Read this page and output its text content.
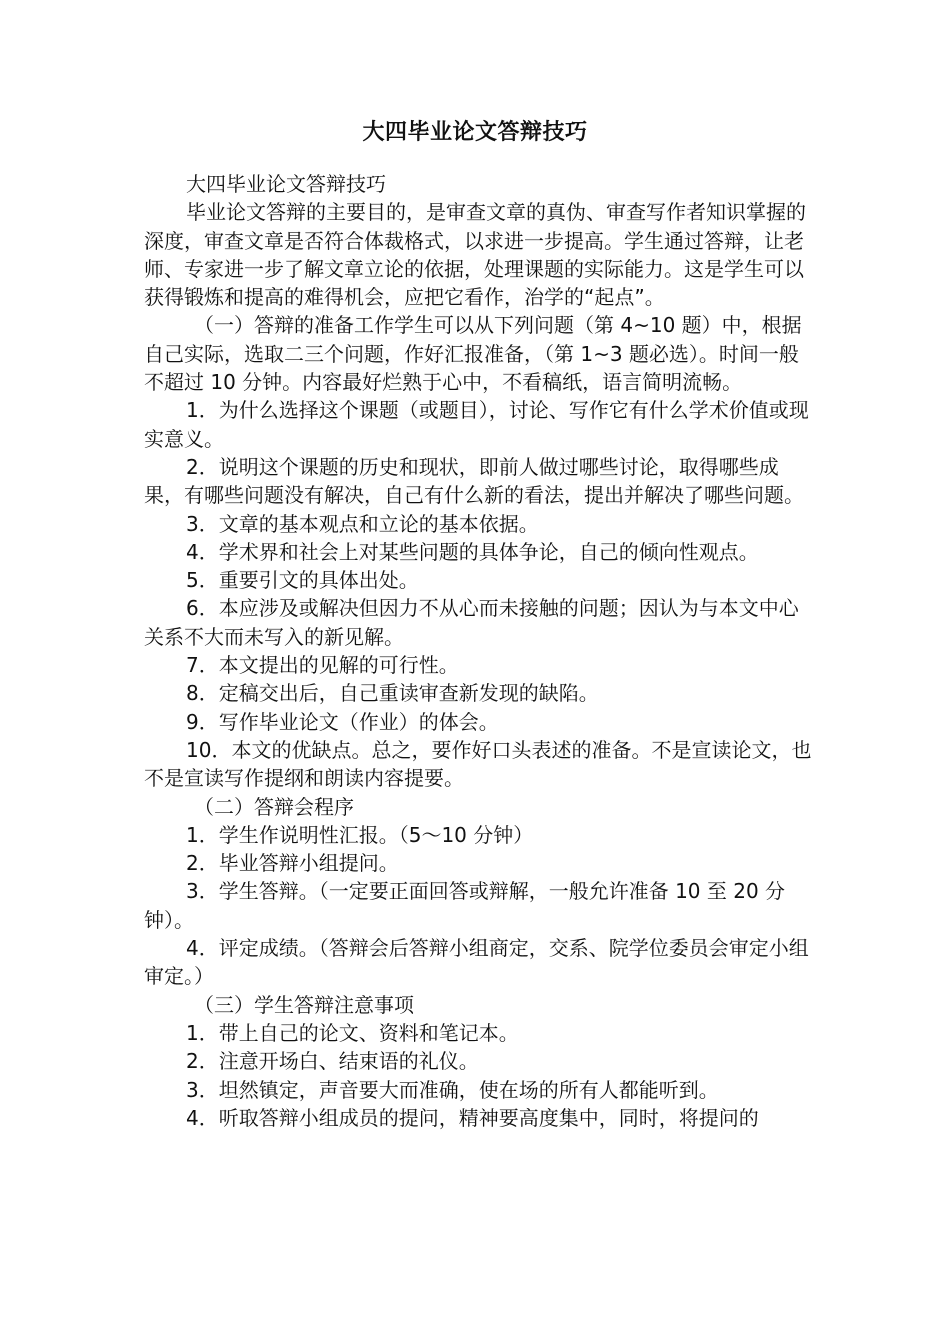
大四毕业论文答辩技巧

大四毕业论文答辩技巧

毕业论文答辩的主要目的，是审查文章的真伪、审查写作者知识掌握的深度，审查文章是否符合体裁格式，以求进一步提高。学生通过答辩，让老师、专家进一步了解文章立论的依据，处理课题的实际能力。这是学生可以获得锻炼和提高的难得机会，应把它看作，治学的“起点”。

（一）答辩的准备工作学生可以从下列问题（第 4~10 题）中，根据自己实际，选取二三个问题，作好汇报准备，（第 1~3 题必选）。时间一般不超过 10 分钟。内容最好烂熟于心中，不看稿纸，语言简明流畅。

1．为什么选择这个课题（或题目），讨论、写作它有什么学术价值或现实意义。

2．说明这个课题的历史和现状，即前人做过哪些讨论，取得哪些成果，有哪些问题没有解决，自己有什么新的看法，提出并解决了哪些问题。

3．文章的基本观点和立论的基本依据。

4．学术界和社会上对某些问题的具体争论，自己的倾向性观点。

5．重要引文的具体出处。

6．本应涉及或解决但因力不从心而未接触的问题；因认为与本文中心关系不大而未写入的新见解。

7．本文提出的见解的可行性。

8．定稿交出后，自己重读审查新发现的缺陷。

9．写作毕业论文（作业）的体会。

10．本文的优缺点。总之，要作好口头表述的准备。不是宣读论文，也不是宣读写作提纲和朗读内容提要。

（二）答辩会程序

1．学生作说明性汇报。（5～10 分钟）

2．毕业答辩小组提问。

3．学生答辩。（一定要正面回答或辩解，一般允许准备 10 至 20 分钟）。

4．评定成绩。（答辩会后答辩小组商定，交系、院学位委员会审定小组审定。）

（三）学生答辩注意事项

1．带上自己的论文、资料和笔记本。

2．注意开场白、结束语的礼仪。

3．坦然镇定，声音要大而准确，使在场的所有人都能听到。

4．听取答辩小组成员的提问，精神要高度集中，同时，将提问的
